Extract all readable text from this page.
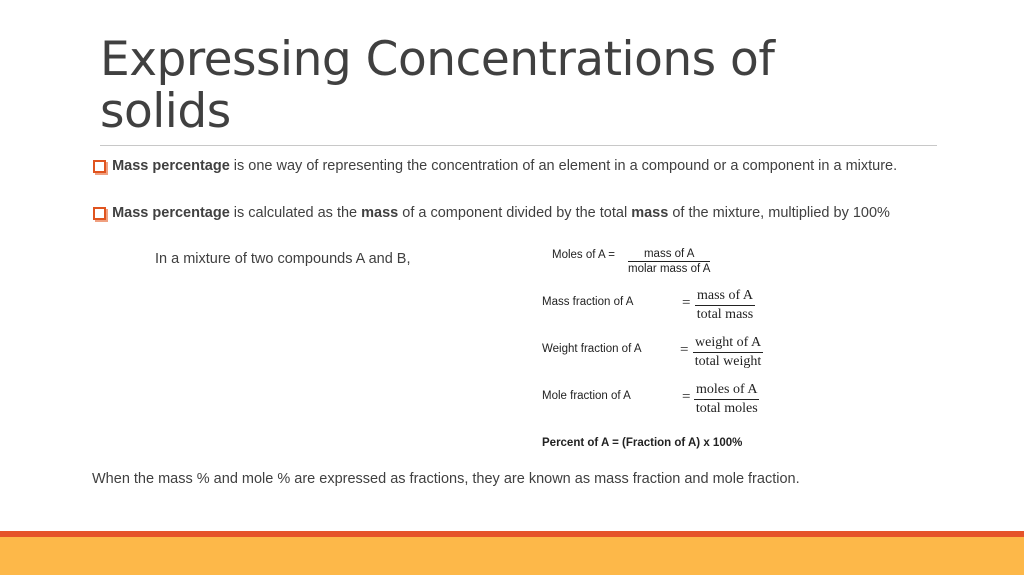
Expressing Concentrations of solids
Mass percentage is one way of representing the concentration of an element in a compound or a component in a mixture.
Mass percentage is calculated as the mass of a component divided by the total mass of the mixture, multiplied by 100%
In a mixture of two compounds A and B,	Moles of A =	mass of A
molar mass of A
Mass fraction of A	= mass of A
total mass
Weight fraction of A	= weight of A
total weight
Mole fraction of A	= moles of A
total moles
Percent of A = (Fraction of A) x 100%
When the mass % and mole % are expressed as fractions, they are known as mass fraction and mole fraction.
